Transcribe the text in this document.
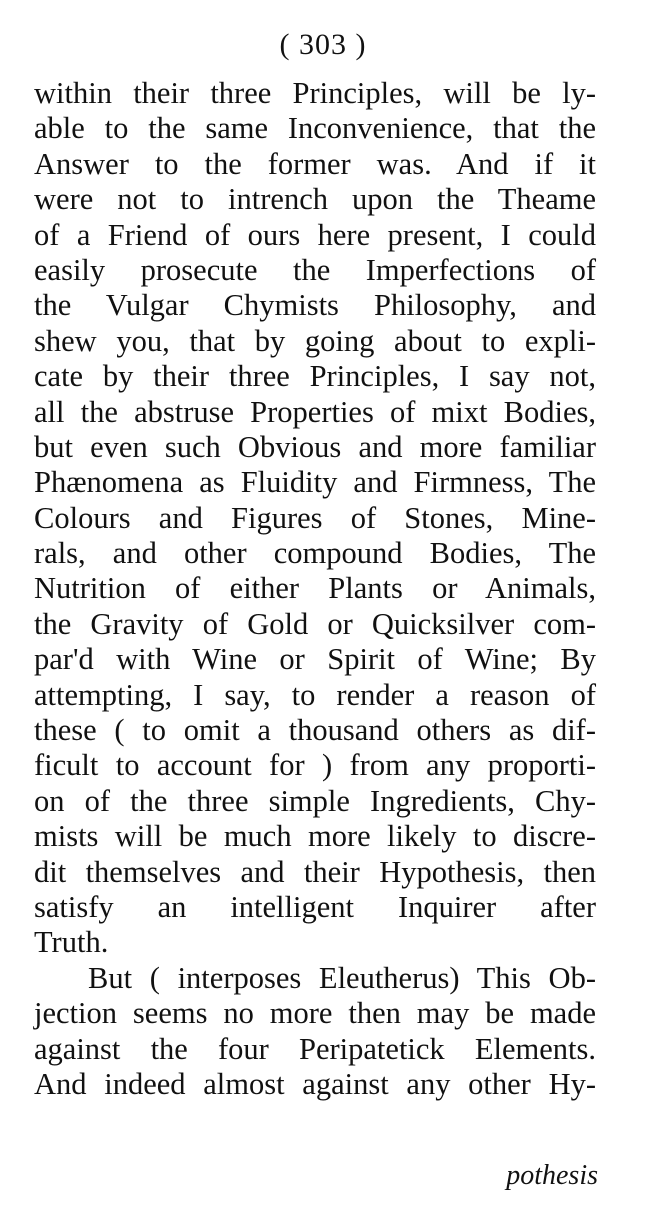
( 303 )
within their three Principles, will be ly-
able to the same Inconvenience, that the
Answer to the former was. And if it
were not to intrench upon the Theame
of a Friend of ours here present, I could
easily prosecute the Imperfections of
the Vulgar Chymists Philosophy, and
shew you, that by going about to expli-
cate by their three Principles, I say not,
all the abstruse Properties of mixt Bodies,
but even such Obvious and more familiar
Phænomena as Fluidity and Firmness, The
Colours and Figures of Stones, Mine-
rals, and other compound Bodies, The
Nutrition of either Plants or Animals,
the Gravity of Gold or Quicksilver com-
par'd with Wine or Spirit of Wine; By
attempting, I say, to render a reason of
these ( to omit a thousand others as dif-
ficult to account for ) from any proporti-
on of the three simple Ingredients, Chy-
mists will be much more likely to discre-
dit themselves and their Hypothesis, then
satisfy an intelligent Inquirer after
Truth.
But ( interposes Eleutherus) This Ob-
jection seems no more then may be made
against the four Peripatetick Elements.
And indeed almost against any other Hy-
pothesis
